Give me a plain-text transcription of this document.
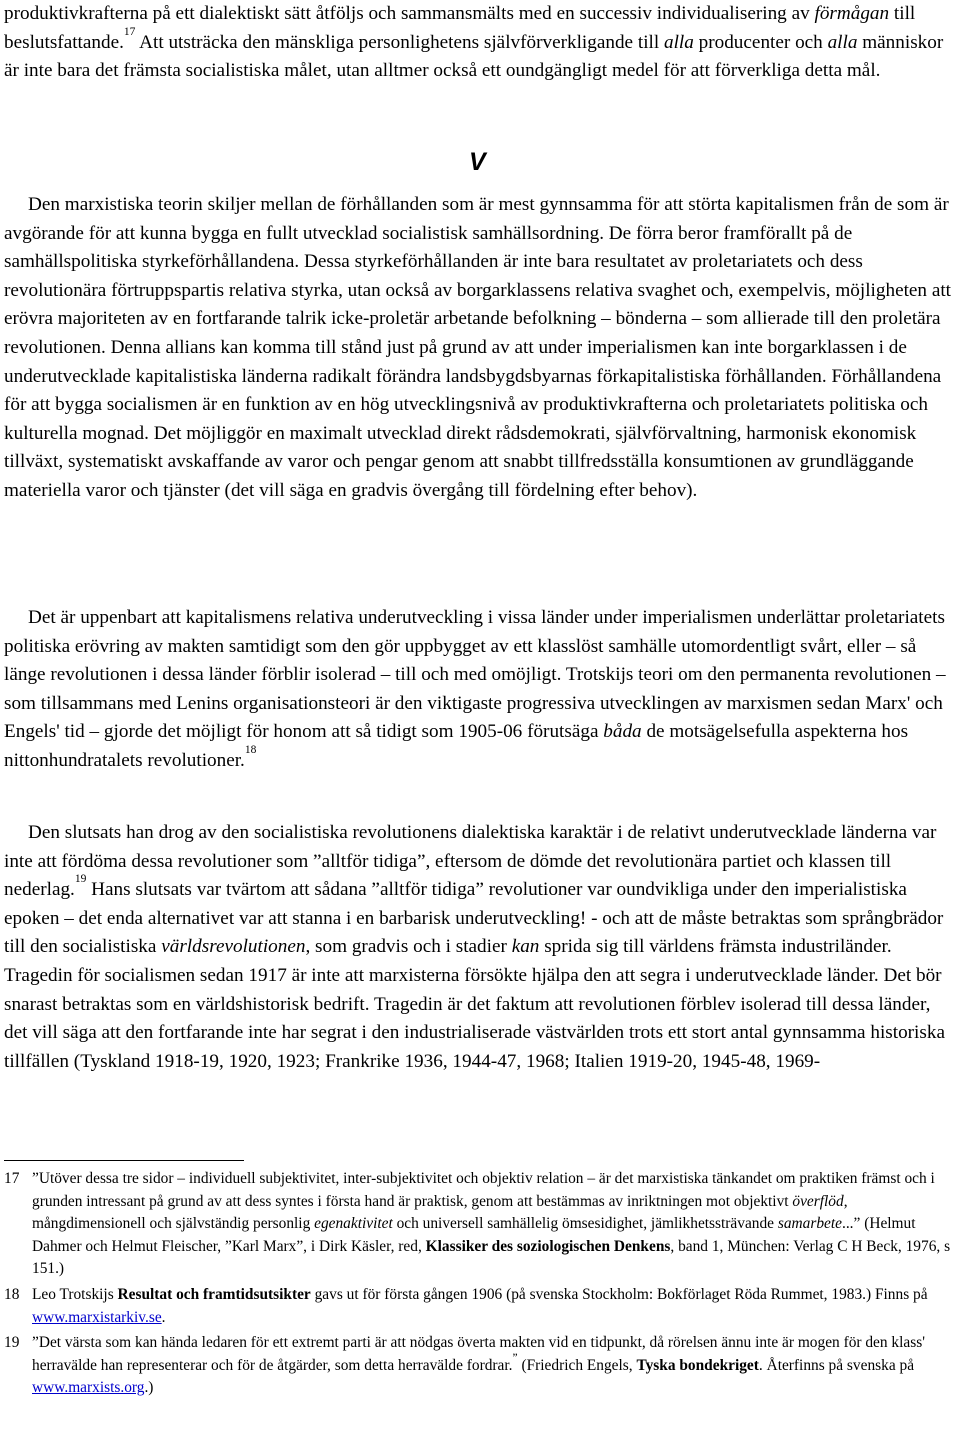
produktivkrafterna på ett dialektiskt sätt åtföljs och sammansmälts med en successiv individualisering av förmågan till beslutsfattande.$^{17}$ Att utsträcka den mänskliga personlighetens självförverkligande till alla producenter och alla människor är inte bara det främsta socialistiska målet, utan alltmer också ett oundgängligt medel för att förverkliga detta mål.

V

Den marxistiska teorin skiljer mellan de förhållanden som är mest gynnsamma för att störta kapitalismen från de som är avgörande för att kunna bygga en fullt utvecklad socialistisk samhällsordning. De förra beror framförallt på de samhällspolitiska styrkeförhållandena. Dessa styrkeförhållanden är inte bara resultatet av proletariatets och dess revolutionära förtruppspartis relativa styrka, utan också av borgarklassens relativa svaghet och, exempelvis, möjligheten att erövra majoriteten av en fortfarande talrik icke-proletär arbetande befolkning – bönderna – som allierade till den proletära revolutionen. Denna allians kan komma till stånd just på grund av att under imperialismen kan inte borgarklassen i de underutvecklade kapitalistiska länderna radikalt förändra landsbygdsbyarnas förkapitalistiska förhållanden. Förhållandena för att bygga socialismen är en funktion av en hög utvecklingsnivå av produktivkrafterna och proletariatets politiska och kulturella mognad. Det möjliggör en maximalt utvecklad direkt rådsdemokrati, självförvaltning, harmonisk ekonomisk tillväxt, systematiskt avskaffande av varor och pengar genom att snabbt tillfredsställa konsumtionen av grundläggande materiella varor och tjänster (det vill säga en gradvis övergång till fördelning efter behov).

Det är uppenbart att kapitalismens relativa underutveckling i vissa länder under imperialismen underlättar proletariatets politiska erövring av makten samtidigt som den gör uppbygget av ett klasslöst samhälle utomordentligt svårt, eller – så länge revolutionen i dessa länder förblir isolerad – till och med omöjligt. Trotskijs teori om den permanenta revolutionen – som tillsammans med Lenins organisationsteori är den viktigaste progressiva utvecklingen av marxismen sedan Marx' och Engels' tid – gjorde det möjligt för honom att så tidigt som 1905-06 förutsäga båda de motsägelsefulla aspekterna hos nittonhundratalets revolutioner.$^{18}$

Den slutsats han drog av den socialistiska revolutionens dialektiska karaktär i de relativt underutvecklade länderna var inte att fördöma dessa revolutioner som ”alltför tidiga”, eftersom de dömde det revolutionära partiet och klassen till nederlag.$^{19}$ Hans slutsats var tvärtom att sådana ”alltför tidiga” revolutioner var oundvikliga under den imperialistiska epoken – det enda alternativet var att stanna i en barbarisk underutveckling! - och att de måste betraktas som språngbrädor till den socialistiska världsrevolutionen, som gradvis och i stadier kan sprida sig till världens främsta industriländer. Tragedin för socialismen sedan 1917 är inte att marxisterna försökte hjälpa den att segra i underutvecklade länder. Det bör snarast betraktas som en världshistorisk bedrift. Tragedin är det faktum att revolutionen förblev isolerad till dessa länder, det vill säga att den fortfarande inte har segrat i den industrialiserade västvärlden trots ett stort antal gynnsamma historiska tillfällen (Tyskland 1918-19, 1920, 1923; Frankrike 1936, 1944-47, 1968; Italien 1919-20, 1945-48, 1969-

17 ”Utöver dessa tre sidor – individuell subjektivitet, inter-subjektivitet och objektiv relation – är det marxistiska tänkandet om praktiken främst och i grunden intressant på grund av att dess syntes i första hand är praktisk, genom att bestämmas av inriktningen mot objektivt överflöd, mångdimensionell och självständig personlig egenaktivitet och universell samhällelig ömsesidighet, jämlikhetssträvande samarbete...” (Helmut Dahmer och Helmut Fleischer, ”Karl Marx”, i Dirk Käsler, red, Klassiker des soziologischen Denkens, band 1, München: Verlag C H Beck, 1976, s 151.)
18 Leo Trotskijs Resultat och framtidsutsikter gavs ut för första gången 1906 (på svenska Stockholm: Bokförlaget Röda Rummet, 1983.) Finns på www.marxistarkiv.se.
19 ”Det värsta som kan hända ledaren för ett extremt parti är att nödgas överta makten vid en tidpunkt, då rörelsen ännu inte är mogen för den klass' herravälde han representerar och för de åtgärder, som detta herravälde fordrar.” (Friedrich Engels, Tyska bondekriget. Återfinns på svenska på www.marxists.org.)
